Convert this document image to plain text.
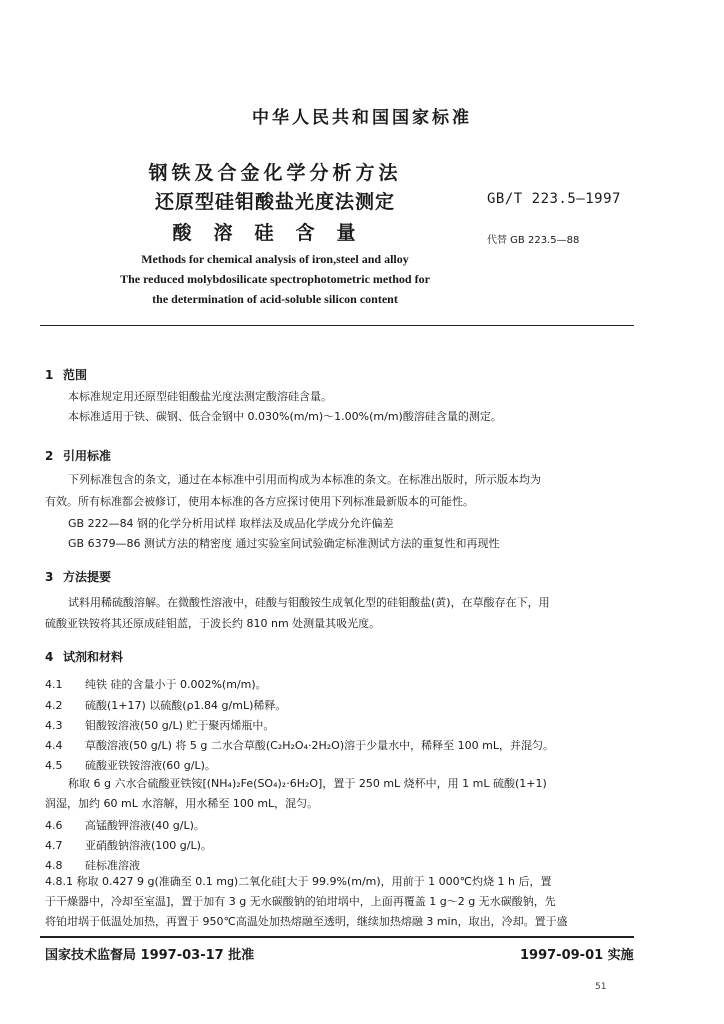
中华人民共和国国家标准
钢铁及合金化学分析方法
还原型硅钼酸盐光度法测定
酸溶硅含量
GB/T 223.5—1997
代替 GB 223.5—88
Methods for chemical analysis of iron,steel and alloy
The reduced molybdosilicate spectrophotometric method for
the determination of acid-soluble silicon content
1 范围
本标准规定用还原型硅钼酸盐光度法测定酸溶硅含量。
本标准适用于铁、碳钢、低合金钢中 0.030%(m/m)～1.00%(m/m)酸溶硅含量的测定。
2 引用标准
下列标准包含的条文，通过在本标准中引用而构成为本标准的条文。在标准出版时，所示版本均为
有效。所有标准都会被修订，使用本标准的各方应探讨使用下列标准最新版本的可能性。
GB 222—84 钢的化学分析用试样 取样法及成品化学成分允许偏差
GB 6379—86 测试方法的精密度 通过实验室间试验确定标准测试方法的重复性和再现性
3 方法提要
试料用稀硫酸溶解。在微酸性溶液中，硅酸与钼酸铵生成氧化型的硅钼酸盐(黄)，在草酸存在下，用
硫酸亚铁铵将其还原成硅钼蓝，于波长约 810 nm 处测量其吸光度。
4 试剂和材料
4.1 纯铁 硅的含量小于 0.002%(m/m)。
4.2 硫酸(1+17) 以硫酸(ρ1.84 g/mL)稀释。
4.3 钼酸铵溶液(50 g/L) 贮于聚丙烯瓶中。
4.4 草酸溶液(50 g/L) 将 5 g 二水合草酸(C₂H₂O₄·2H₂O)溶于少量水中，稀释至 100 mL，并混匀。
4.5 硫酸亚铁铵溶液(60 g/L)。
称取 6 g 六水合硫酸亚铁铵[(NH₄)₂Fe(SO₄)₂·6H₂O]，置于 250 mL 烧杯中，用 1 mL 硫酸(1+1)
润湿，加约 60 mL 水溶解，用水稀至 100 mL，混匀。
4.6 高锰酸钾溶液(40 g/L)。
4.7 亚硝酸钠溶液(100 g/L)。
4.8 硅标准溶液
4.8.1 称取 0.427 9 g(准确至 0.1 mg)二氧化硅[大于 99.9%(m/m)，用前于 1 000℃灼烧 1 h 后，置
于干燥器中，冷却至室温]，置于加有 3 g 无水碳酸钠的铂坩埚中，上面再覆盖 1 g～2 g 无水碳酸钠，先
将铂坩埚于低温处加热，再置于 950℃高温处加热熔融至透明，继续加热熔融 3 min，取出，冷却。置于盛
国家技术监督局 1997-03-17 批准	1997-09-01 实施
51
